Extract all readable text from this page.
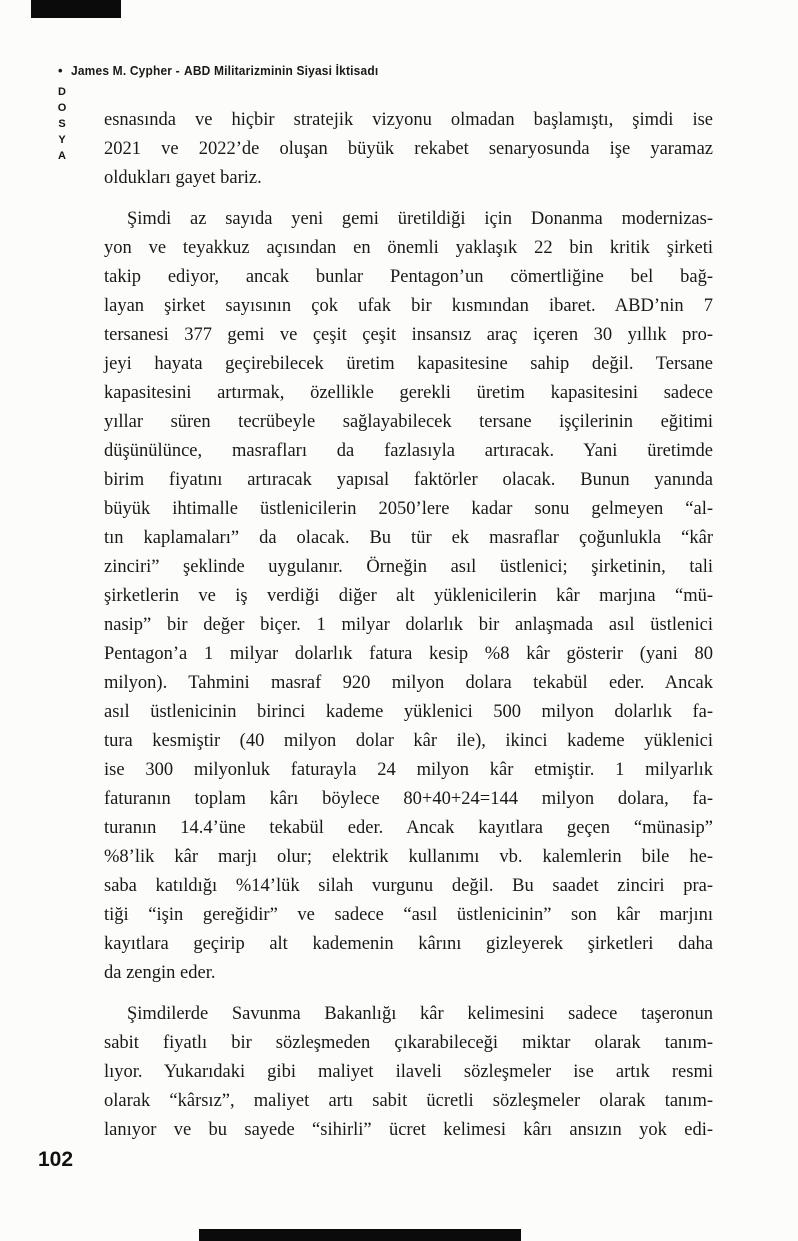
• James M. Cypher - ABD Militarizminin Siyasi İktisadı
DOSYA esnasında ve hiçbir stratejik vizyonu olmadan başlamıştı, şimdi ise
2021 ve 2022’de oluşan büyük rekabet senaryosunda işe yaramaz
oldukları gayet bariz.

Şimdi az sayıda yeni gemi üretildiği için Donanma modernizas-
yon ve teyakkuz açısından en önemli yaklaşık 22 bin kritik şirketi
takip ediyor, ancak bunlar Pentagon’un cömertliğine bel bağ-
layan şirket sayısının çok ufak bir kısmından ibaret. ABD’nin 7
tersanesi 377 gemi ve çeşit çeşit insansız araç içeren 30 yıllık pro-
jeyi hayata geçirebilecek üretim kapasitesine sahip değil. Tersane
kapasitesini artırmak, özellikle gerekli üretim kapasitesini sadece
yıllar süren tecrübeyle sağlayabilecek tersane işçilerinin eğitimi
düşünülünce, masrafları da fazlasıyla artıracak. Yani üretimde
birim fiyatını artıracak yapısal faktörler olacak. Bunun yanında
büyük ihtimalle üstlenicilerin 2050’lere kadar sonu gelmeyen “al-
tın kaplamaları” da olacak. Bu tür ek masraflar çoğunlukla “kâr
zinciri” şeklinde uygulanır. Örneğin asıl üstlenici; şirketinin, tali
şirketlerin ve iş verdiği diğer alt yüklenicilerin kâr marjına “mü-
nasip” bir değer biçer. 1 milyar dolarlık bir anlaşmada asıl üstlenici
Pentagon’a 1 milyar dolarlık fatura kesip %8 kâr gösterir (yani 80
milyon). Tahmini masraf 920 milyon dolara tekabül eder. Ancak
asıl üstlenicinin birinci kademe yüklenici 500 milyon dolarlık fa-
tura kesmiştir (40 milyon dolar kâr ile), ikinci kademe yüklenici
ise 300 milyonluk faturayla 24 milyon kâr etmiştir. 1 milyarlık
faturanın toplam kârı böylece 80+40+24=144 milyon dolara, fa-
turanın 14.4’üne tekabül eder. Ancak kayıtlara geçen “münasip”
%8’lik kâr marjı olur; elektrik kullanımı vb. kalemlerin bile he-
saba katıldığı %14’lük silah vurgunu değil. Bu saadet zinciri pra-
tiği “işin gereğidir” ve sadece “asıl üstlenicinin” son kâr marjını
kayıtlara geçirip alt kademenin kârını gizleyerek şirketleri daha
da zengin eder.

Şimdilerde Savunma Bakanlığı kâr kelimesini sadece taşeronun
sabit fiyatlı bir sözleşmeden çıkarabileceği miktar olarak tanım-
lıyor. Yukarıdaki gibi maliyet ilaveli sözleşmeler ise artık resmi
olarak “kârsız”, maliyet artı sabit ücretli sözleşmeler olarak tanım-
lanıyor ve bu sayede “sihirli” ücret kelimesi kârı ansızın yok edi-

102
